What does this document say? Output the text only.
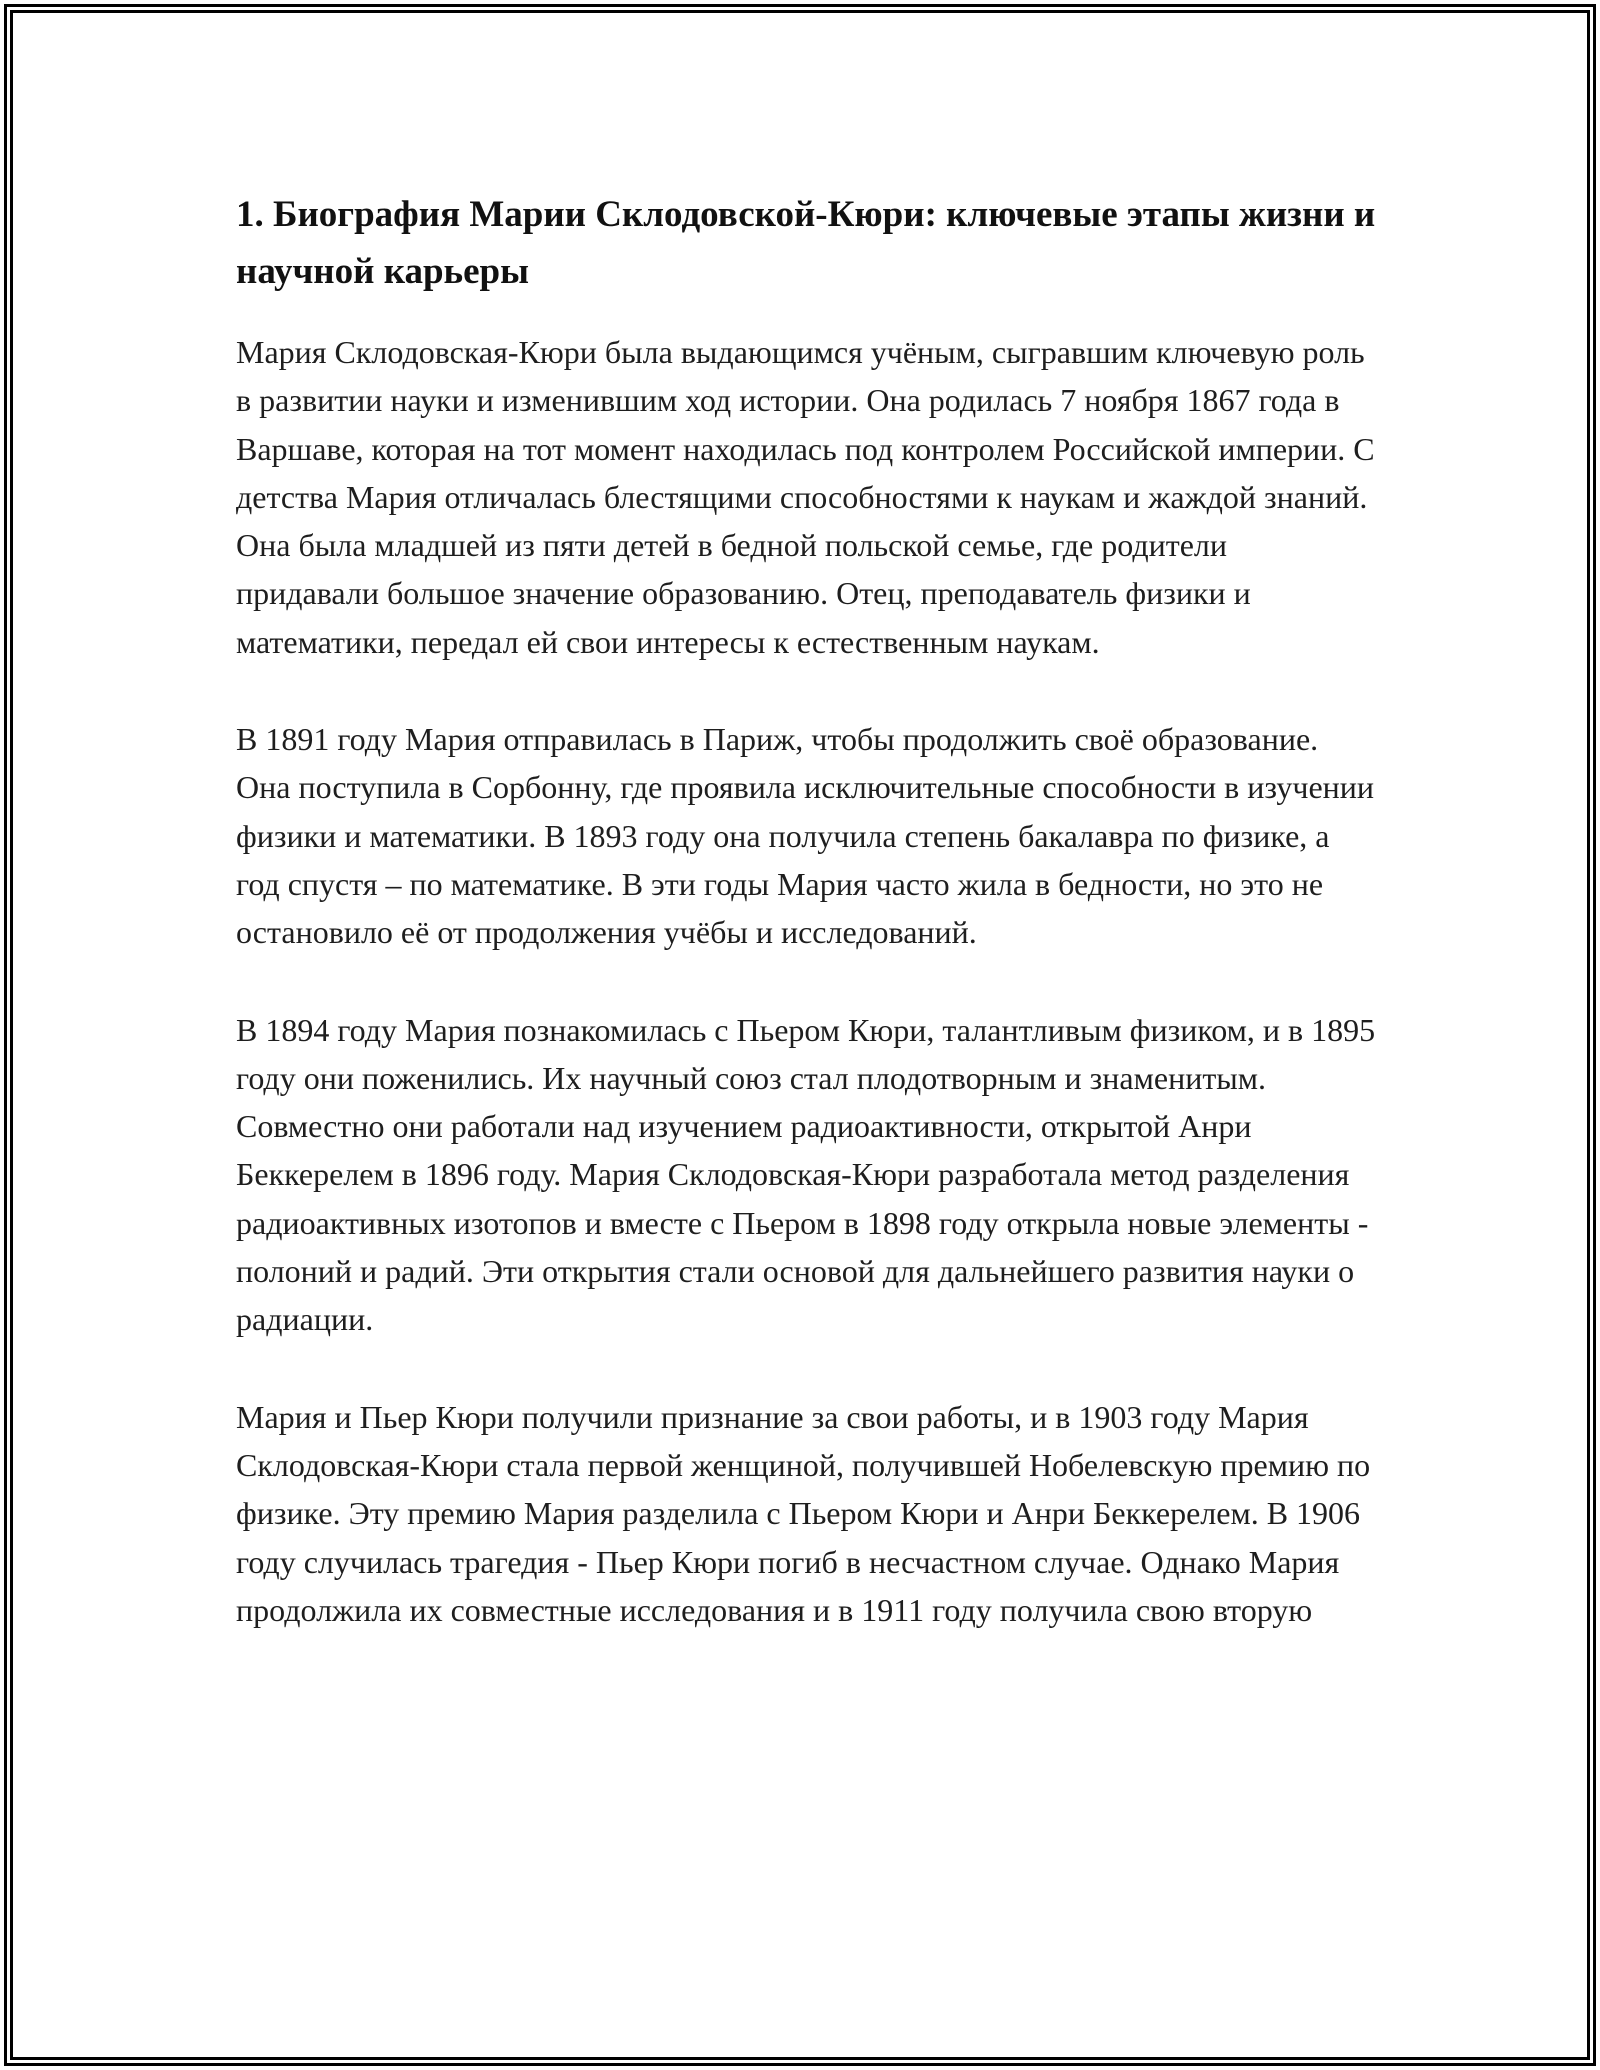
1. Биография Марии Склодовской-Кюри: ключевые этапы жизни и научной карьеры

Мария Склодовская-Кюри была выдающимся учёным, сыгравшим ключевую роль в развитии науки и изменившим ход истории. Она родилась 7 ноября 1867 года в Варшаве, которая на тот момент находилась под контролем Российской империи. С детства Мария отличалась блестящими способностями к наукам и жаждой знаний. Она была младшей из пяти детей в бедной польской семье, где родители придавали большое значение образованию. Отец, преподаватель физики и математики, передал ей свои интересы к естественным наукам.

В 1891 году Мария отправилась в Париж, чтобы продолжить своё образование. Она поступила в Сорбонну, где проявила исключительные способности в изучении физики и математики. В 1893 году она получила степень бакалавра по физике, а год спустя – по математике. В эти годы Мария часто жила в бедности, но это не остановило её от продолжения учёбы и исследований.

В 1894 году Мария познакомилась с Пьером Кюри, талантливым физиком, и в 1895 году они поженились. Их научный союз стал плодотворным и знаменитым. Совместно они работали над изучением радиоактивности, открытой Анри Беккерелем в 1896 году. Мария Склодовская-Кюри разработала метод разделения радиоактивных изотопов и вместе с Пьером в 1898 году открыла новые элементы - полоний и радий. Эти открытия стали основой для дальнейшего развития науки о радиации.

Мария и Пьер Кюри получили признание за свои работы, и в 1903 году Мария Склодовская-Кюри стала первой женщиной, получившей Нобелевскую премию по физике. Эту премию Мария разделила с Пьером Кюри и Анри Беккерелем. В 1906 году случилась трагедия - Пьер Кюри погиб в несчастном случае. Однако Мария продолжила их совместные исследования и в 1911 году получила свою вторую
